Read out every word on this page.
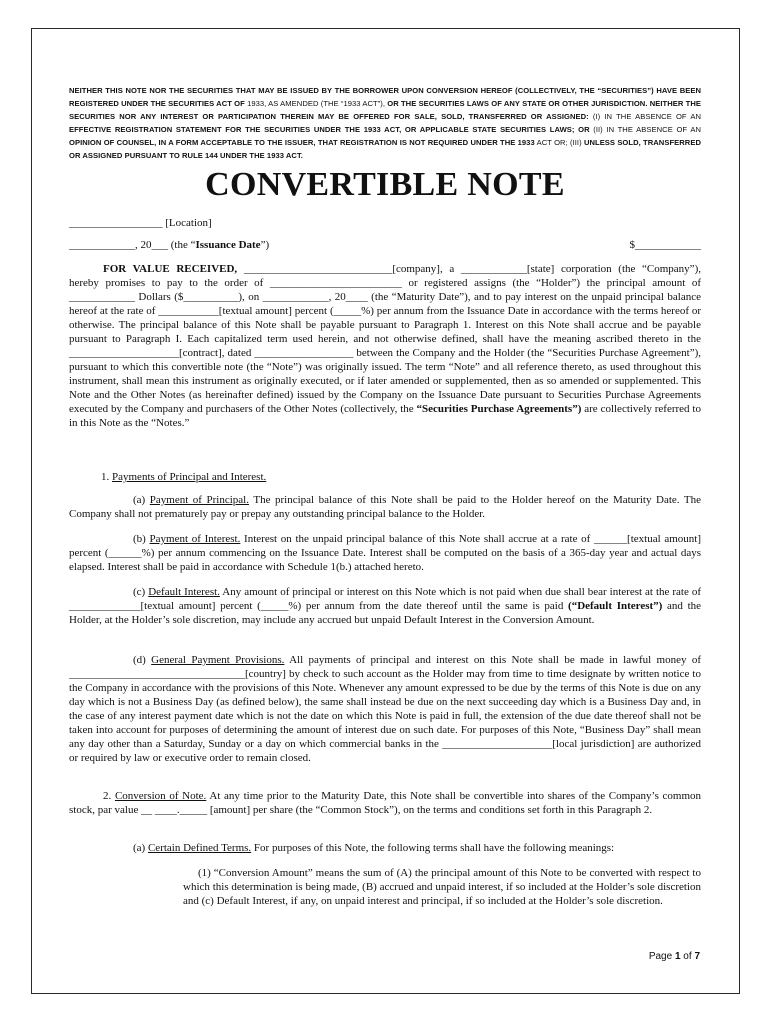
NEITHER THIS NOTE NOR THE SECURITIES THAT MAY BE ISSUED BY THE BORROWER UPON CONVERSION HEREOF (COLLECTIVELY, THE “SECURITIES”) HAVE BEEN REGISTERED UNDER THE SECURITIES ACT OF 1933, AS AMENDED (THE “1933 ACT”), OR THE SECURITIES LAWS OF ANY STATE OR OTHER JURISDICTION. NEITHER THE SECURITIES NOR ANY INTEREST OR PARTICIPATION THEREIN MAY BE OFFERED FOR SALE, SOLD, TRANSFERRED OR ASSIGNED: (I) IN THE ABSENCE OF AN EFFECTIVE REGISTRATION STATEMENT FOR THE SECURITIES UNDER THE 1933 ACT, OR APPLICABLE STATE SECURITIES LAWS; OR (II) IN THE ABSENCE OF AN OPINION OF COUNSEL, IN A FORM ACCEPTABLE TO THE ISSUER, THAT REGISTRATION IS NOT REQUIRED UNDER THE 1933 ACT OR; (III) UNLESS SOLD, TRANSFERRED OR ASSIGNED PURSUANT TO RULE 144 UNDER THE 1933 ACT.
CONVERTIBLE NOTE
_________________ [Location]
____________, 20___ (the “Issuance Date”)	$____________

FOR VALUE RECEIVED, ___________________________[company], a ____________[state] corporation (the “Company”), hereby promises to pay to the order of ________________________ or registered assigns (the “Holder”) the principal amount of ____________ Dollars ($__________), on ____________, 20____ (the “Maturity Date”), and to pay interest on the unpaid principal balance hereof at the rate of ___________[textual amount] percent (_____%) per annum from the Issuance Date in accordance with the terms hereof or otherwise. The principal balance of this Note shall be payable pursuant to Paragraph 1. Interest on this Note shall accrue and be payable pursuant to Paragraph I. Each capitalized term used herein, and not otherwise defined, shall have the meaning ascribed thereto in the ____________________[contract], dated __________________ between the Company and the Holder (the “Securities Purchase Agreement”), pursuant to which this convertible note (the “Note”) was originally issued. The term “Note” and all reference thereto, as used throughout this instrument, shall mean this instrument as originally executed, or if later amended or supplemented, then as so amended or supplemented. This Note and the Other Notes (as hereinafter defined) issued by the Company on the Issuance Date pursuant to Securities Purchase Agreements executed by the Company and purchasers of the Other Notes (collectively, the “Securities Purchase Agreements”) are collectively referred to in this Note as the “Notes.”

1. Payments of Principal and Interest.

(a) Payment of Principal. The principal balance of this Note shall be paid to the Holder hereof on the Maturity Date. The Company shall not prematurely pay or prepay any outstanding principal balance to the Holder.

(b) Payment of Interest. Interest on the unpaid principal balance of this Note shall accrue at a rate of ______[textual amount] percent (______%) per annum commencing on the Issuance Date. Interest shall be computed on the basis of a 365-day year and actual days elapsed. Interest shall be paid in accordance with Schedule 1(b.) attached hereto.

(c) Default Interest. Any amount of principal or interest on this Note which is not paid when due shall bear interest at the rate of _____________[textual amount] percent (_____%) per annum from the date thereof until the same is paid (“Default Interest”) and the Holder, at the Holder’s sole discretion, may include any accrued but unpaid Default Interest in the Conversion Amount.

(d) General Payment Provisions. All payments of principal and interest on this Note shall be made in lawful money of ________________________________[country] by check to such account as the Holder may from time to time designate by written notice to the Company in accordance with the provisions of this Note. Whenever any amount expressed to be due by the terms of this Note is due on any day which is not a Business Day (as defined below), the same shall instead be due on the next succeeding day which is a Business Day and, in the case of any interest payment date which is not the date on which this Note is paid in full, the extension of the due date thereof shall not be taken into account for purposes of determining the amount of interest due on such date. For purposes of this Note, “Business Day” shall mean any day other than a Saturday, Sunday or a day on which commercial banks in the ____________________[local jurisdiction] are authorized or required by law or executive order to remain closed.

2. Conversion of Note. At any time prior to the Maturity Date, this Note shall be convertible into shares of the Company’s common stock, par value __ ____._____ [amount] per share (the “Common Stock”), on the terms and conditions set forth in this Paragraph 2.

(a) Certain Defined Terms. For purposes of this Note, the following terms shall have the following meanings:

(1) “Conversion Amount” means the sum of (A) the principal amount of this Note to be converted with respect to which this determination is being made, (B) accrued and unpaid interest, if so included at the Holder’s sole discretion and (c) Default Interest, if any, on unpaid interest and principal, if so included at the Holder’s sole discretion.

Page 1 of 7
